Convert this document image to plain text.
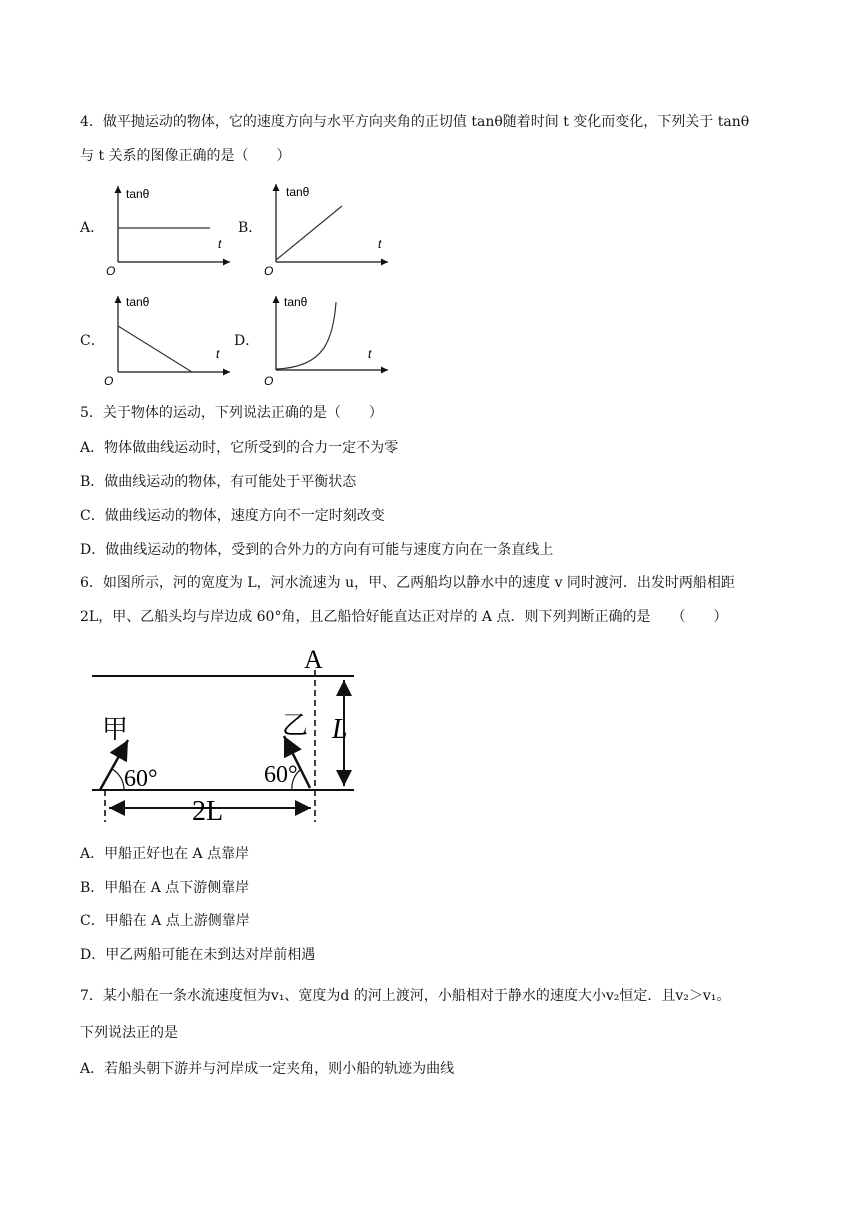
4．做平抛运动的物体，它的速度方向与水平方向夹角的正切值 tanθ随着时间 t 变化而变化，下列关于 tanθ
与 t 关系的图像正确的是（　　）
A．
tanθ
t
O
B．
tanθ
t
O
C．
tanθ
t
O
D．
tanθ
t
O
5．关于物体的运动，下列说法正确的是（　　）
A．物体做曲线运动时，它所受到的合力一定不为零
B．做曲线运动的物体，有可能处于平衡状态
C．做曲线运动的物体，速度方向不一定时刻改变
D．做曲线运动的物体，受到的合外力的方向有可能与速度方向在一条直线上
6．如图所示，河的宽度为 L，河水流速为 u，甲、乙两船均以静水中的速度 v 同时渡河．出发时两船相距
2L，甲、乙船头均与岸边成 60°角，且乙船恰好能直达正对岸的 A 点．则下列判断正确的是　　（　　）
A
甲	乙 L
2L
60°	60°
A．甲船正好也在 A 点靠岸
B．甲船在 A 点下游侧靠岸
C．甲船在 A 点上游侧靠岸
D．甲乙两船可能在未到达对岸前相遇
7．某小船在一条水流速度恒为v₁、宽度为d 的河上渡河，小船相对于静水的速度大小v₂恒定．且v₂＞v₁。
下列说法正的是
A．若船头朝下游并与河岸成一定夹角，则小船的轨迹为曲线
